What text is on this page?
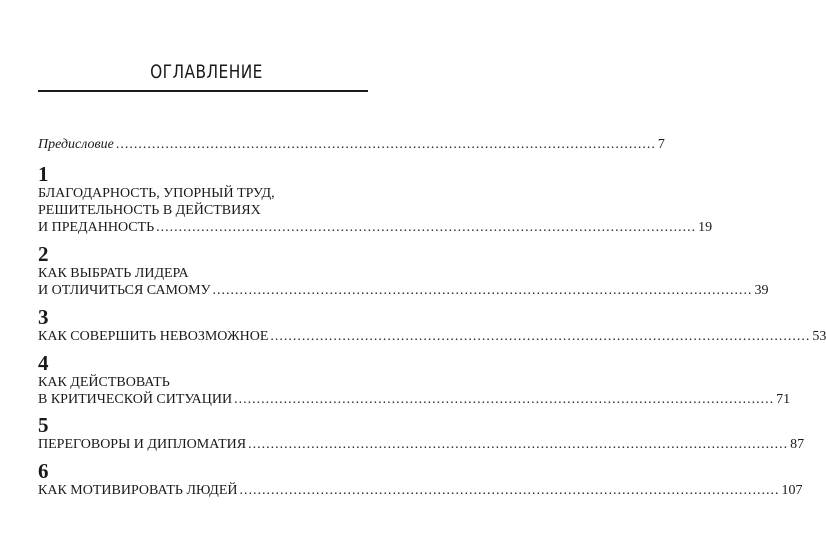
ОГЛАВЛЕНИЕ
Предисловие ........................................................................................................................ 7
1
БЛАГОДАРНОСТЬ, УПОРНЫЙ ТРУД,
РЕШИТЕЛЬНОСТЬ В ДЕЙСТВИЯХ
И ПРЕДАННОСТЬ ........................................................................................................................ 19
2
КАК ВЫБРАТЬ ЛИДЕРА
И ОТЛИЧИТЬСЯ САМОМУ ........................................................................................................................ 39
3
КАК СОВЕРШИТЬ НЕВОЗМОЖНОЕ ........................................................................................................................ 53
4
КАК ДЕЙСТВОВАТЬ
В КРИТИЧЕСКОЙ СИТУАЦИИ ........................................................................................................................ 71
5
ПЕРЕГОВОРЫ И ДИПЛОМАТИЯ ........................................................................................................................ 87
6
КАК МОТИВИРОВАТЬ ЛЮДЕЙ ........................................................................................................................ 107
